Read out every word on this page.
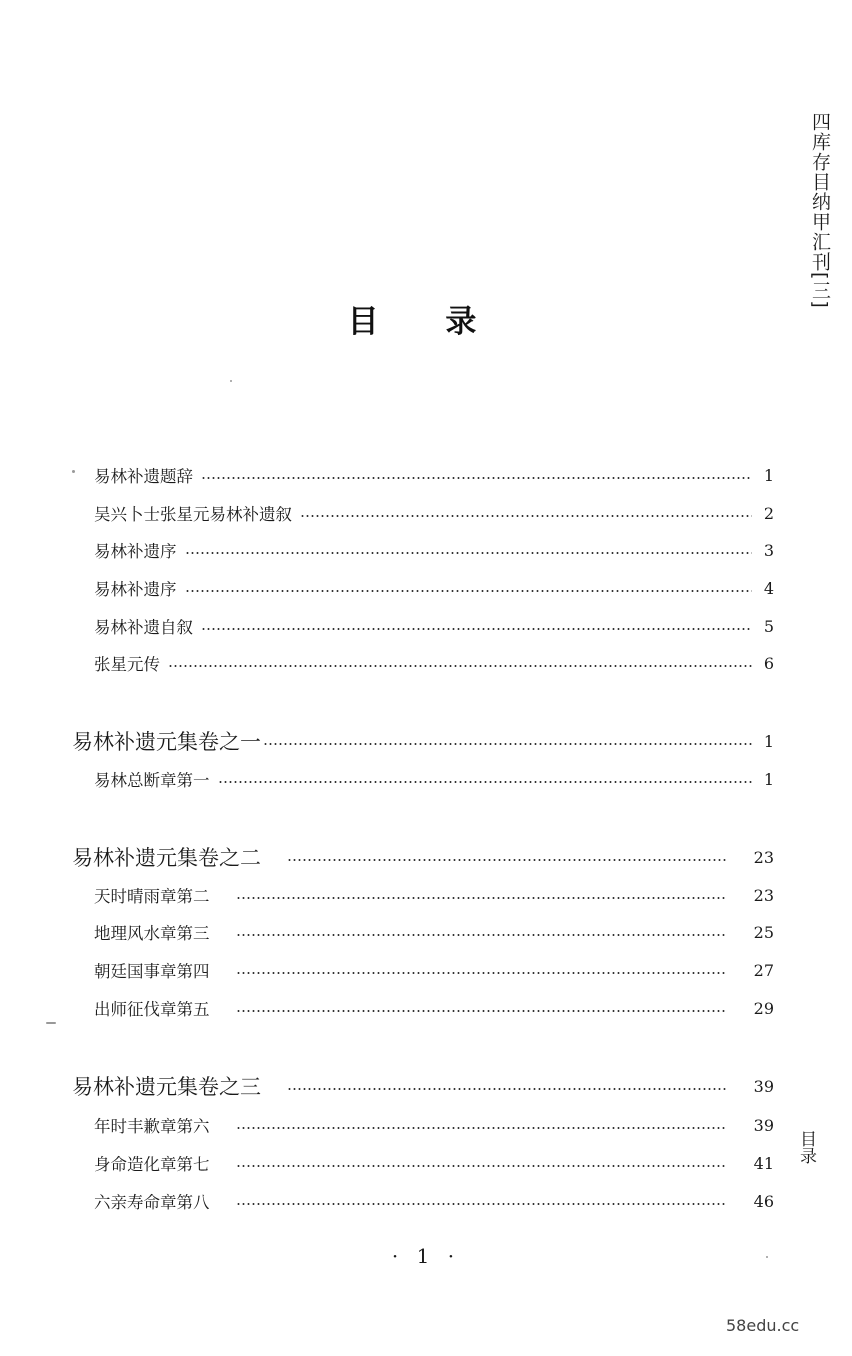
四库存目纳甲汇刊[三]
目录
目 录
易林补遗题辞	1
吴兴卜士张星元易林补遗叙	2
易林补遗序	3
易林补遗序	4
易林补遗自叙	5
张星元传	6
易林补遗元集卷之一	1
易林总断章第一	1
易林补遗元集卷之二	23
天时晴雨章第二	23
地理风水章第三	25
朝廷国事章第四	27
出师征伐章第五	29
易林补遗元集卷之三	39
年时丰歉章第六	39
身命造化章第七	41
六亲寿命章第八	46
· 1 ·
58edu.cc
